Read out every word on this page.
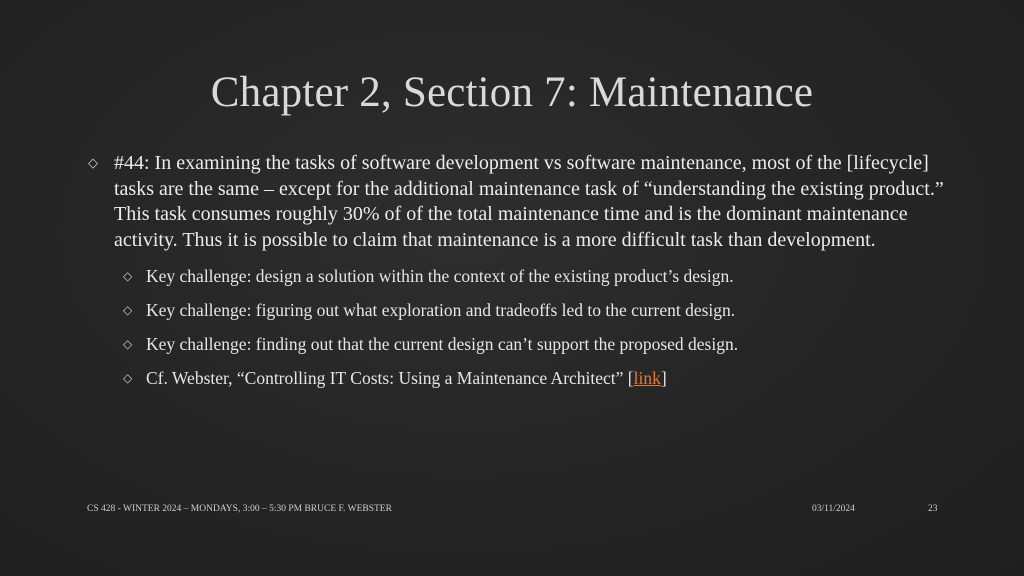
Chapter 2, Section 7: Maintenance
◇ #44: In examining the tasks of software development vs software maintenance, most of the [lifecycle] tasks are the same – except for the additional maintenance task of “understanding the existing product.” This task consumes roughly 30% of of the total maintenance time and is the dominant maintenance activity. Thus it is possible to claim that maintenance is a more difficult task than development.
◇ Key challenge: design a solution within the context of the existing product’s design.
◇ Key challenge: figuring out what exploration and tradeoffs led to the current design.
◇ Key challenge: finding out that the current design can’t support the proposed design.
◇ Cf. Webster, “Controlling IT Costs: Using a Maintenance Architect” [link]
CS 428 - WINTER 2024 – MONDAYS, 3:00 – 5:30 PM BRUCE F. WEBSTER	03/11/2024	23
